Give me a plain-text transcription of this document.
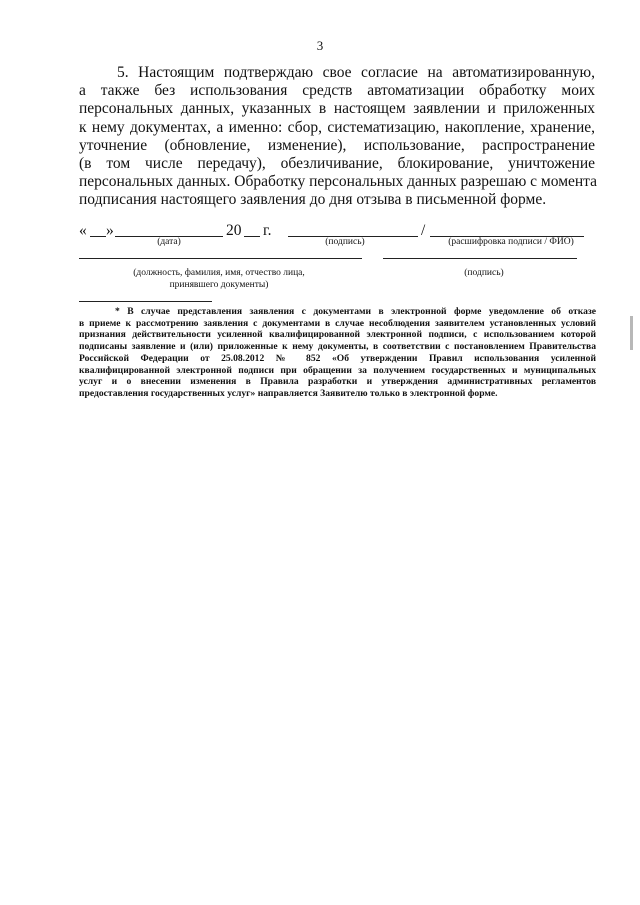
3
5. Настоящим подтверждаю свое согласие на автоматизированную,
а также без использования средств автоматизации обработку моих
персональных данных, указанных в настоящем заявлении и приложенных
к нему документах, а именно: сбор, систематизацию, накопление, хранение,
уточнение (обновление, изменение), использование, распространение
(в том числе передачу), обезличивание, блокирование, уничтожение
персональных данных. Обработку персональных данных разрешаю с момента
подписания настоящего заявления до дня отзыва в письменной форме.
« »	20 г.	/
(дата)	(подпись)	(расшифровка подписи / ФИО)
(должность, фамилия, имя, отчество лица,
принявшего документы)
(подпись)
* В случае представления заявления с документами в электронной форме уведомление об отказе
в приеме к рассмотрению заявления с документами в случае несоблюдения заявителем установленных условий
признания действительности усиленной квалифицированной электронной подписи, с использованием которой
подписаны заявление и (или) приложенные к нему документы, в соответствии с постановлением Правительства
Российской Федерации от 25.08.2012 № 852 «Об утверждении Правил использования усиленной
квалифицированной электронной подписи при обращении за получением государственных и муниципальных
услуг и о внесении изменения в Правила разработки и утверждения административных регламентов
предоставления государственных услуг» направляется Заявителю только в электронной форме.
